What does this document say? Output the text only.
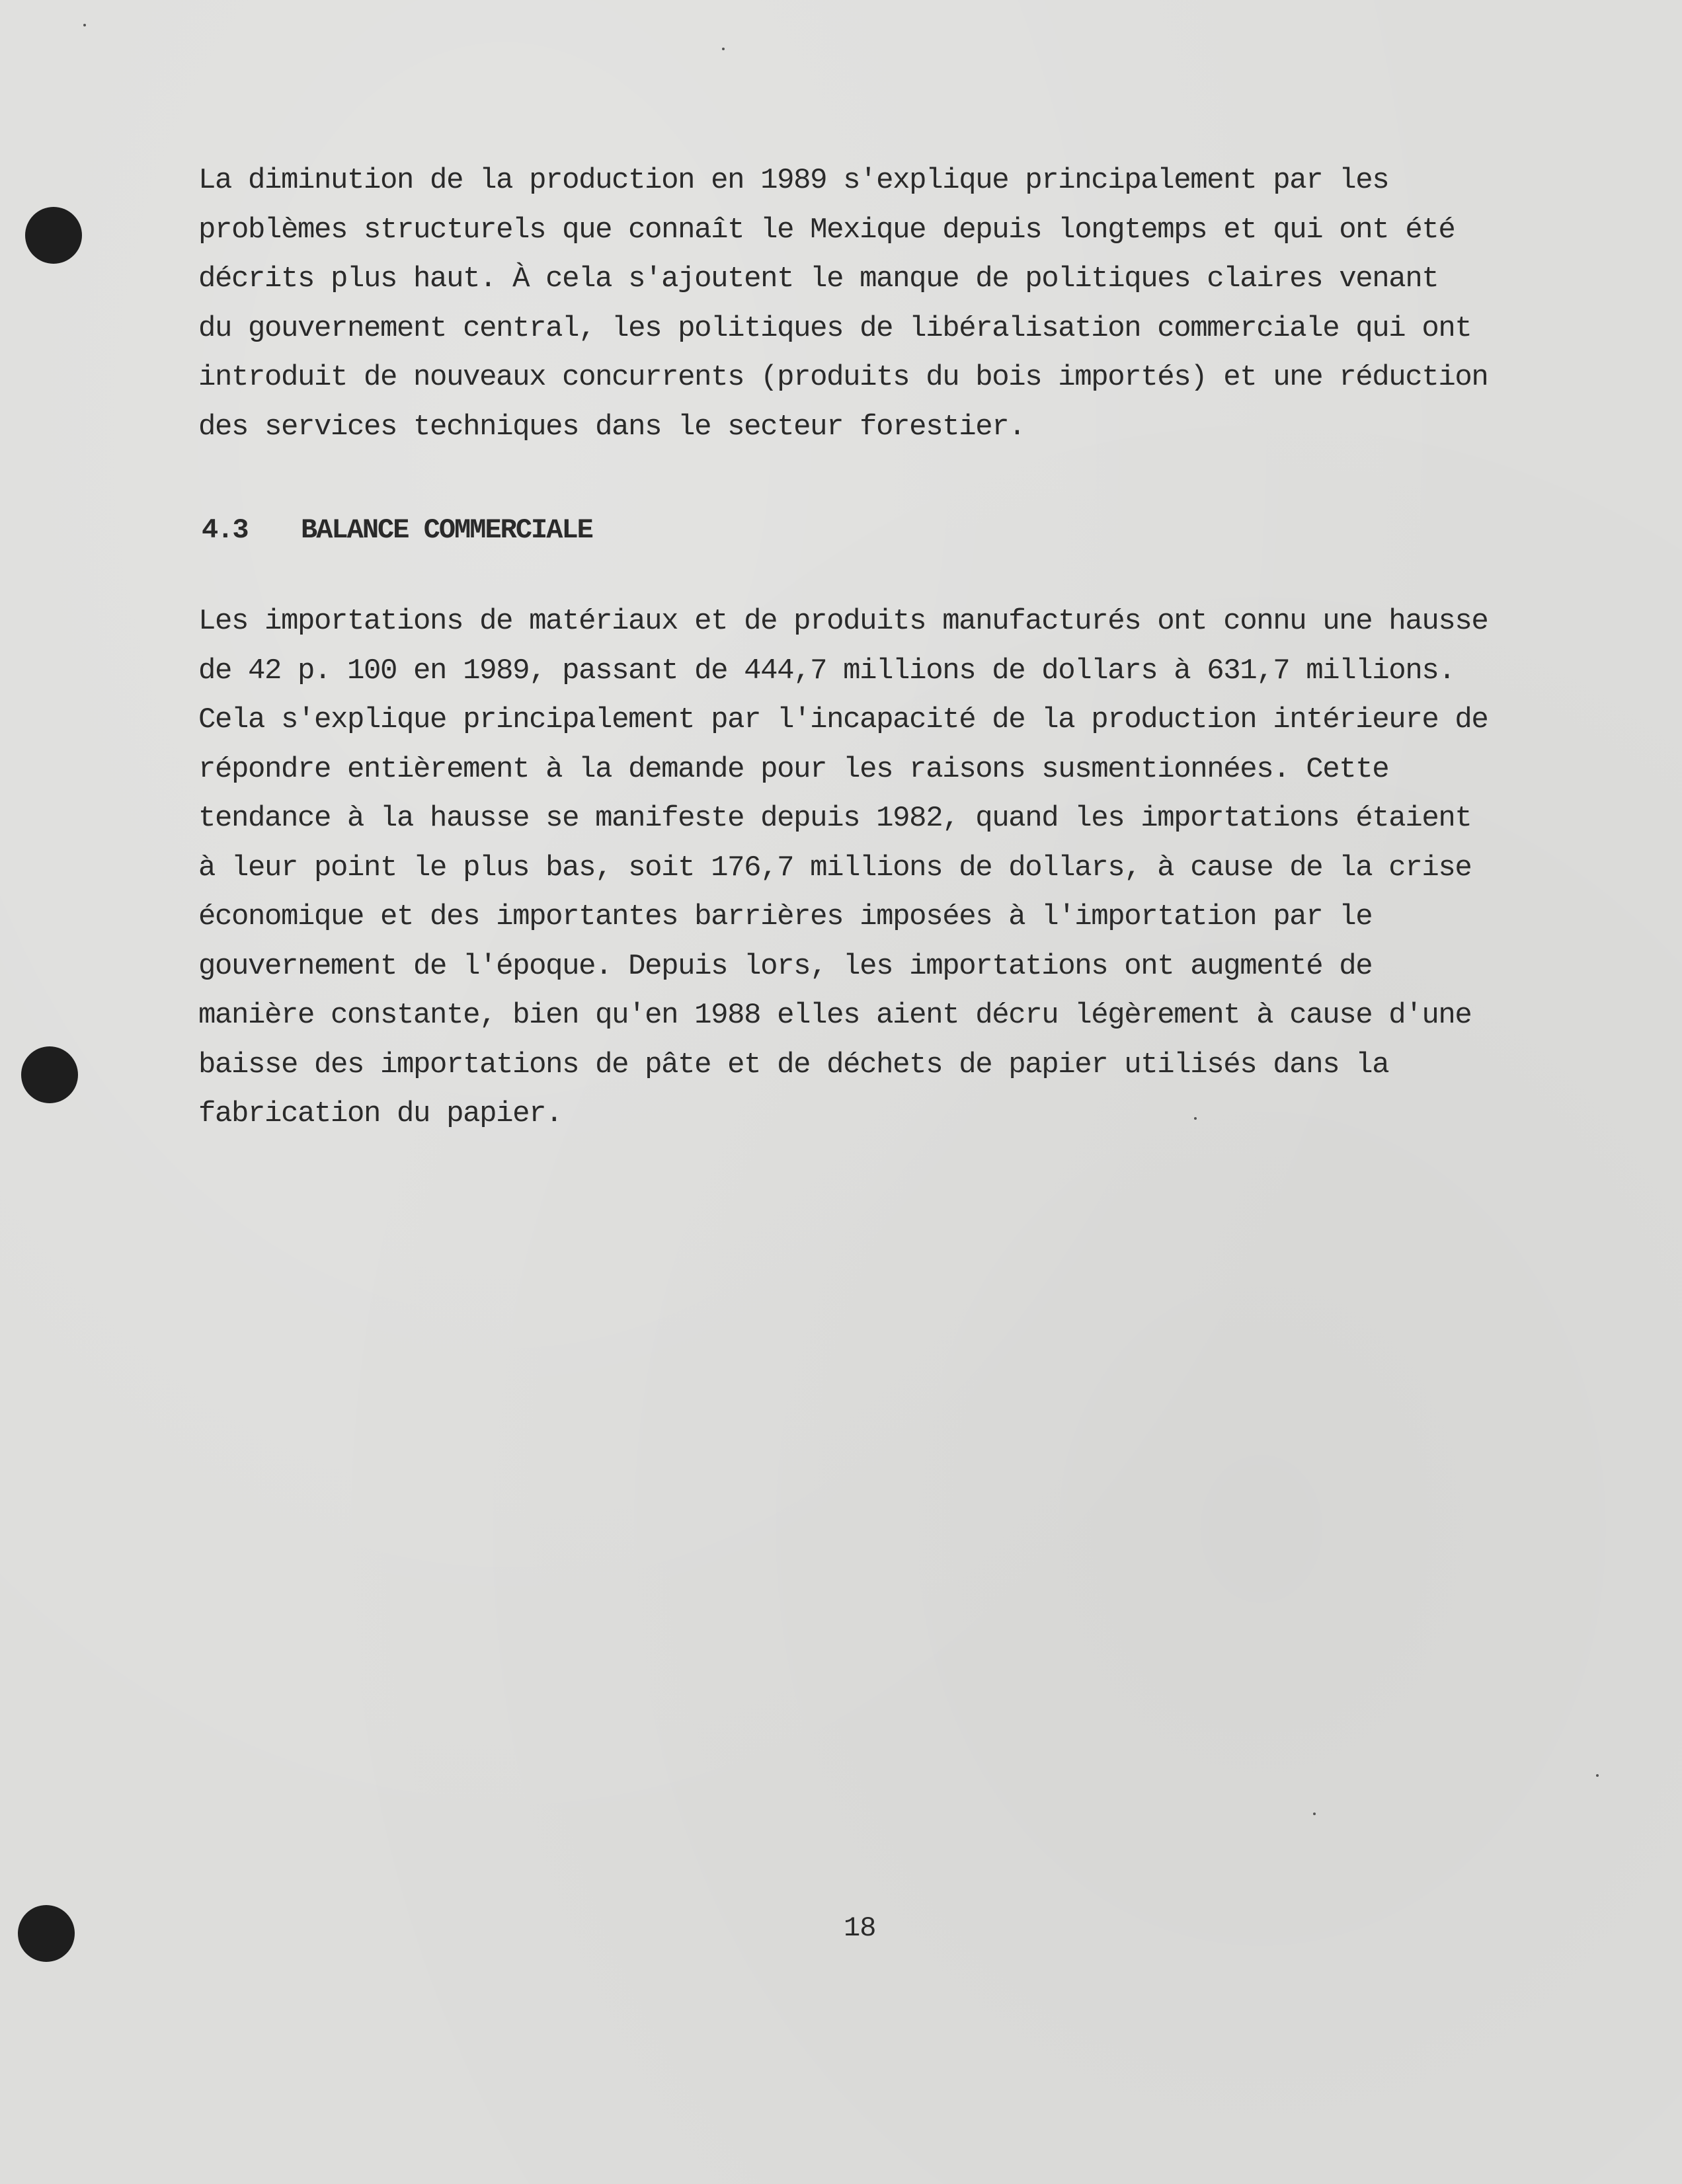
La diminution de la production en 1989 s'explique principalement par les
problèmes structurels que connaît le Mexique depuis longtemps et qui ont été
décrits plus haut. À cela s'ajoutent le manque de politiques claires venant
du gouvernement central, les politiques de libéralisation commerciale qui ont
introduit de nouveaux concurrents (produits du bois importés) et une réduction
des services techniques dans le secteur forestier.

4.3 BALANCE COMMERCIALE

Les importations de matériaux et de produits manufacturés ont connu une hausse
de 42 p. 100 en 1989, passant de 444,7 millions de dollars à 631,7 millions.
Cela s'explique principalement par l'incapacité de la production intérieure de
répondre entièrement à la demande pour les raisons susmentionnées. Cette
tendance à la hausse se manifeste depuis 1982, quand les importations étaient
à leur point le plus bas, soit 176,7 millions de dollars, à cause de la crise
économique et des importantes barrières imposées à l'importation par le
gouvernement de l'époque. Depuis lors, les importations ont augmenté de
manière constante, bien qu'en 1988 elles aient décru légèrement à cause d'une
baisse des importations de pâte et de déchets de papier utilisés dans la
fabrication du papier.

18
